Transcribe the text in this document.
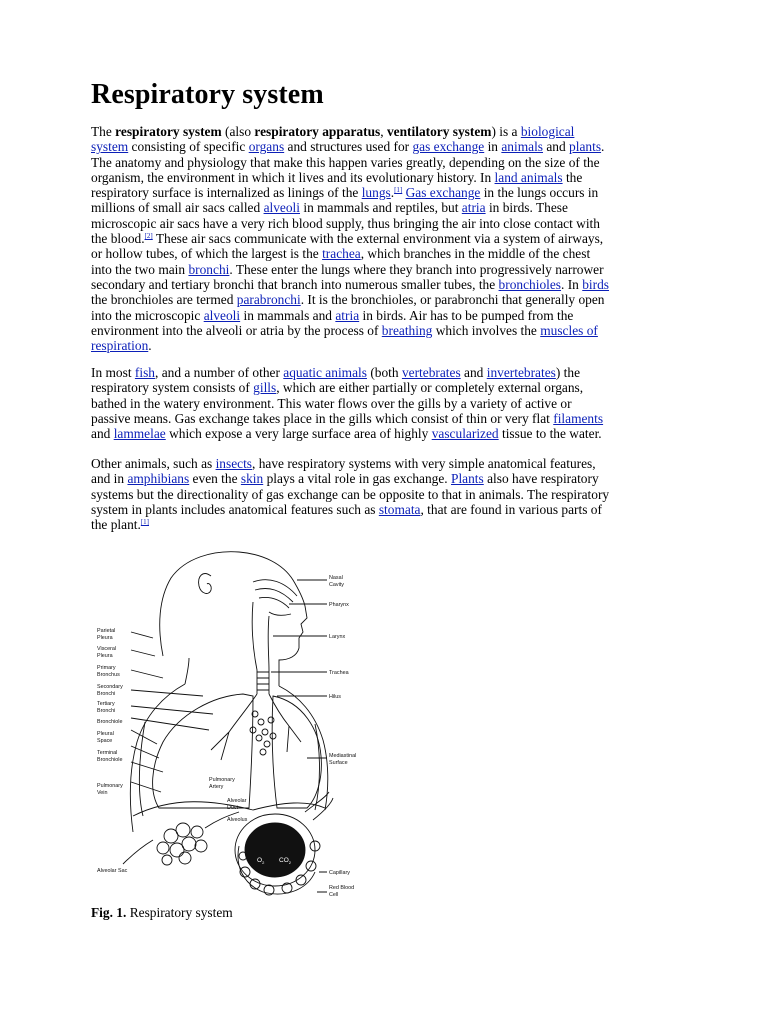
Respiratory system

The respiratory system (also respiratory apparatus, ventilatory system) is a biological
system consisting of specific organs and structures used for gas exchange in animals and plants.
The anatomy and physiology that make this happen varies greatly, depending on the size of the
organism, the environment in which it lives and its evolutionary history. In land animals the
respiratory surface is internalized as linings of the lungs.[1] Gas exchange in the lungs occurs in
millions of small air sacs called alveoli in mammals and reptiles, but atria in birds. These
microscopic air sacs have a very rich blood supply, thus bringing the air into close contact with
the blood.[2] These air sacs communicate with the external environment via a system of airways,
or hollow tubes, of which the largest is the trachea, which branches in the middle of the chest
into the two main bronchi. These enter the lungs where they branch into progressively narrower
secondary and tertiary bronchi that branch into numerous smaller tubes, the bronchioles. In birds
the bronchioles are termed parabronchi. It is the bronchioles, or parabronchi that generally open
into the microscopic alveoli in mammals and atria in birds. Air has to be pumped from the
environment into the alveoli or atria by the process of breathing which involves the muscles of
respiration.

In most fish, and a number of other aquatic animals (both vertebrates and invertebrates) the
respiratory system consists of gills, which are either partially or completely external organs,
bathed in the watery environment. This water flows over the gills by a variety of active or
passive means. Gas exchange takes place in the gills which consist of thin or very flat filaments
and lammelae which expose a very large surface area of highly vascularized tissue to the water.

Other animals, such as insects, have respiratory systems with very simple anatomical features,
and in amphibians even the skin plays a vital role in gas exchange. Plants also have respiratory
systems but the directionality of gas exchange can be opposite to that in animals. The respiratory
system in plants includes anatomical features such as stomata, that are found in various parts of
the plant.[1]

Nasal
Cavity
Pharynx
Larynx
Trachea
Hilus
Mediastinal
Surface
Capillary
Red Blood
Cell
Parietal
Pleura
Visceral
Pleura
Primary
Bronchus
Secondary
Bronchi
Tertiary
Bronchi
Bronchiole
Pleural
Space
Terminal
Bronchiole
Pulmonary
Vein
Alveolar Sac
Pulmonary
Artery
Alveolar
Duct
Alveolus
$O_2$ $CO_2$
Fig. 1. Respiratory system
